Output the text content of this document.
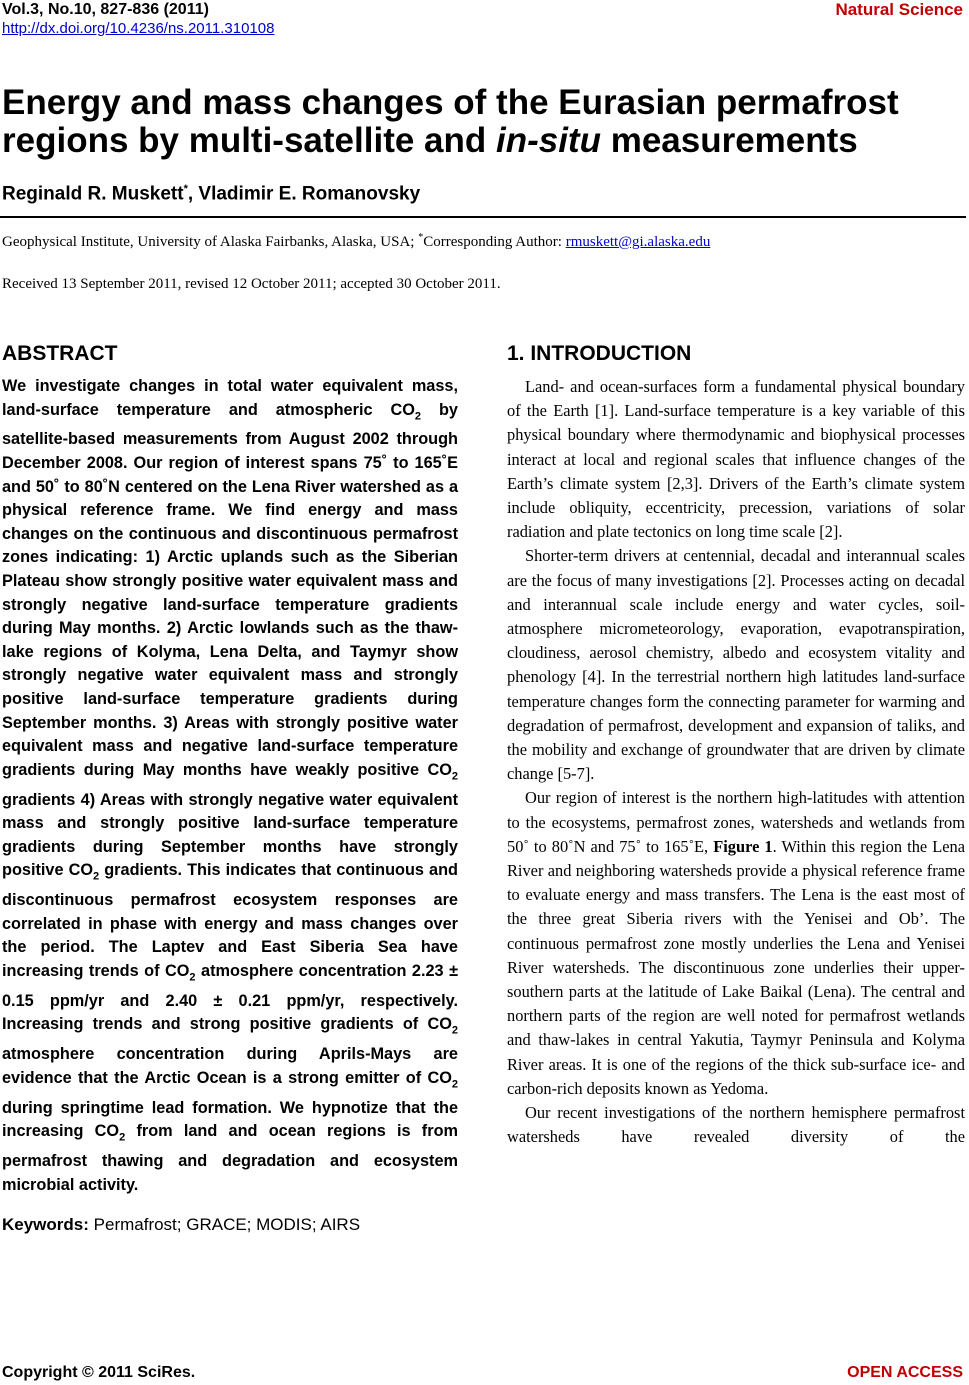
Vol.3, No.10, 827-836 (2011)
http://dx.doi.org/10.4236/ns.2011.310108
Natural Science
Energy and mass changes of the Eurasian permafrost regions by multi-satellite and in-situ measurements
Reginald R. Muskett*, Vladimir E. Romanovsky
Geophysical Institute, University of Alaska Fairbanks, Alaska, USA; *Corresponding Author: rmuskett@gi.alaska.edu
Received 13 September 2011, revised 12 October 2011; accepted 30 October 2011.
ABSTRACT

We investigate changes in total water equivalent mass, land-surface temperature and atmospheric $CO_2$ by satellite-based measurements from August 2002 through December 2008. Our region of interest spans 75˚ to 165˚E and 50˚ to 80˚N centered on the Lena River watershed as a physical reference frame. We find energy and mass changes on the continuous and discontinuous permafrost zones indicating: 1) Arctic uplands such as the Siberian Plateau show strongly positive water equivalent mass and strongly negative land-surface temperature gradients during May months. 2) Arctic lowlands such as the thaw-lake regions of Kolyma, Lena Delta, and Taymyr show strongly negative water equivalent mass and strongly positive land-surface temperature gradients during September months. 3) Areas with strongly positive water equivalent mass and negative land-surface temperature gradients during May months have weakly positive $CO_2$ gradients 4) Areas with strongly negative water equivalent mass and strongly positive land-surface temperature gradients during September months have strongly positive $CO_2$ gradients. This indicates that continuous and discontinuous permafrost ecosystem responses are correlated in phase with energy and mass changes over the period. The Laptev and East Siberia Sea have increasing trends of $CO_2$ atmosphere concentration 2.23 ± 0.15 ppm/yr and 2.40 ± 0.21 ppm/yr, respectively. Increasing trends and strong positive gradients of $CO_2$ atmosphere concentration during Aprils-Mays are evidence that the Arctic Ocean is a strong emitter of $CO_2$ during springtime lead formation. We hypnotize that the increasing $CO_2$ from land and ocean regions is from permafrost thawing and degradation and ecosystem microbial activity.

Keywords: Permafrost; GRACE; MODIS; AIRS
1. INTRODUCTION

Land- and ocean-surfaces form a fundamental physical boundary of the Earth [1]. Land-surface temperature is a key variable of this physical boundary where thermodynamic and biophysical processes interact at local and regional scales that influence changes of the Earth’s climate system [2,3]. Drivers of the Earth’s climate system include obliquity, eccentricity, precession, variations of solar radiation and plate tectonics on long time scale [2].

Shorter-term drivers at centennial, decadal and interannual scales are the focus of many investigations [2]. Processes acting on decadal and interannual scale include energy and water cycles, soil-atmosphere micrometeorology, evaporation, evapotranspiration, cloudiness, aerosol chemistry, albedo and ecosystem vitality and phenology [4]. In the terrestrial northern high latitudes land-surface temperature changes form the connecting parameter for warming and degradation of permafrost, development and expansion of taliks, and the mobility and exchange of groundwater that are driven by climate change [5-7].

Our region of interest is the northern high-latitudes with attention to the ecosystems, permafrost zones, watersheds and wetlands from 50˚ to 80˚N and 75˚ to 165˚E, Figure 1. Within this region the Lena River and neighboring watersheds provide a physical reference frame to evaluate energy and mass transfers. The Lena is the east most of the three great Siberia rivers with the Yenisei and Ob’. The continuous permafrost zone mostly underlies the Lena and Yenisei River watersheds. The discontinuous zone underlies their upper-southern parts at the latitude of Lake Baikal (Lena). The central and northern parts of the region are well noted for permafrost wetlands and thaw-lakes in central Yakutia, Taymyr Peninsula and Kolyma River areas. It is one of the regions of the thick sub-surface ice- and carbon-rich deposits known as Yedoma.

Our recent investigations of the northern hemisphere permafrost watersheds have revealed diversity of the

Copyright © 2011 SciRes.	OPEN ACCESS
